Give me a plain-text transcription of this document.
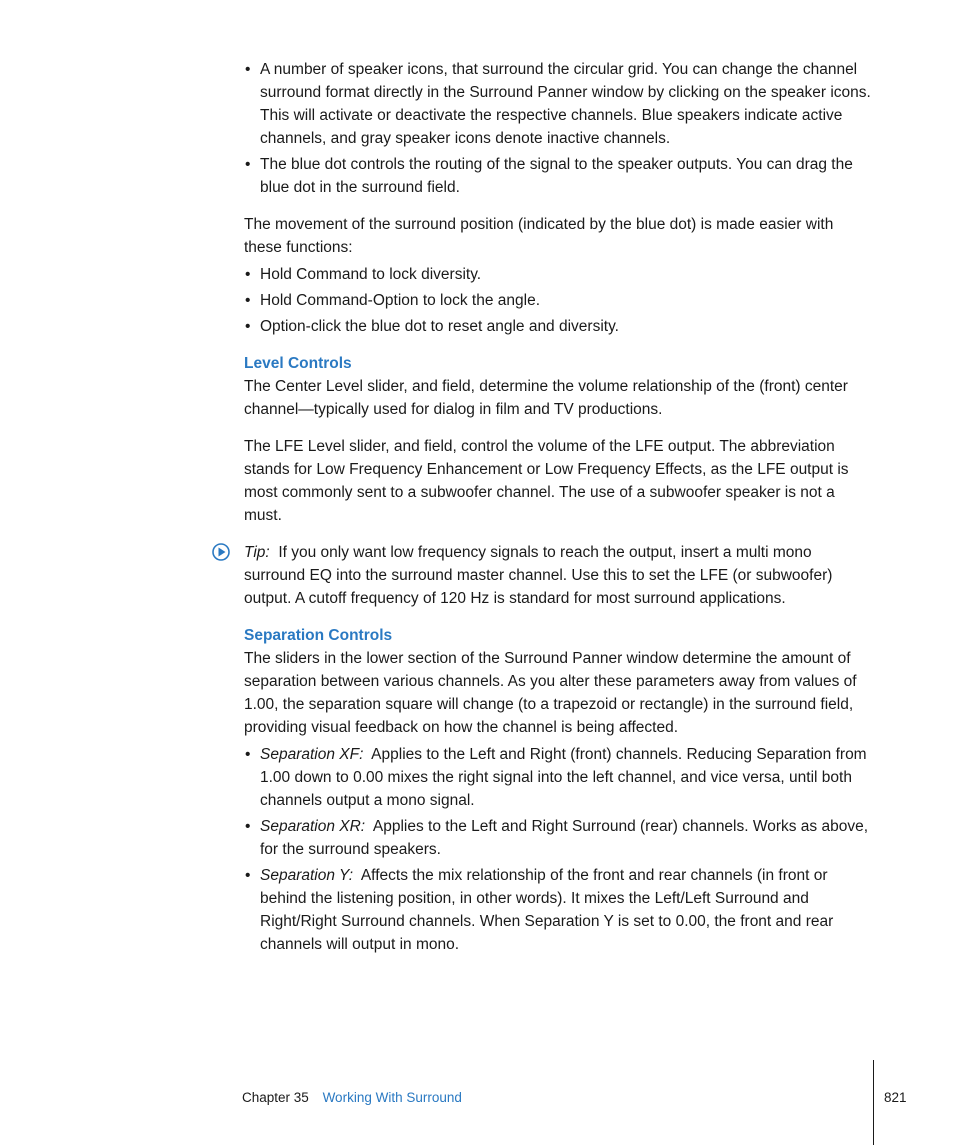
• A number of speaker icons, that surround the circular grid. You can change the channel surround format directly in the Surround Panner window by clicking on the speaker icons. This will activate or deactivate the respective channels. Blue speakers indicate active channels, and gray speaker icons denote inactive channels.
• The blue dot controls the routing of the signal to the speaker outputs. You can drag the blue dot in the surround field.

The movement of the surround position (indicated by the blue dot) is made easier with these functions:

• Hold Command to lock diversity.
• Hold Command-Option to lock the angle.
• Option-click the blue dot to reset angle and diversity.
Level Controls

The Center Level slider, and field, determine the volume relationship of the (front) center channel—typically used for dialog in film and TV productions.

The LFE Level slider, and field, control the volume of the LFE output. The abbreviation stands for Low Frequency Enhancement or Low Frequency Effects, as the LFE output is most commonly sent to a subwoofer channel. The use of a subwoofer speaker is not a must.

Tip: If you only want low frequency signals to reach the output, insert a multi mono surround EQ into the surround master channel. Use this to set the LFE (or subwoofer) output. A cutoff frequency of 120 Hz is standard for most surround applications.

Separation Controls

The sliders in the lower section of the Surround Panner window determine the amount of separation between various channels. As you alter these parameters away from values of 1.00, the separation square will change (to a trapezoid or rectangle) in the surround field, providing visual feedback on how the channel is being affected.

• Separation XF: Applies to the Left and Right (front) channels. Reducing Separation from 1.00 down to 0.00 mixes the right signal into the left channel, and vice versa, until both channels output a mono signal.
• Separation XR: Applies to the Left and Right Surround (rear) channels. Works as above, for the surround speakers.
• Separation Y: Affects the mix relationship of the front and rear channels (in front or behind the listening position, in other words). It mixes the Left/Left Surround and Right/Right Surround channels. When Separation Y is set to 0.00, the front and rear channels will output in mono.
Chapter 35 Working With Surround	821
